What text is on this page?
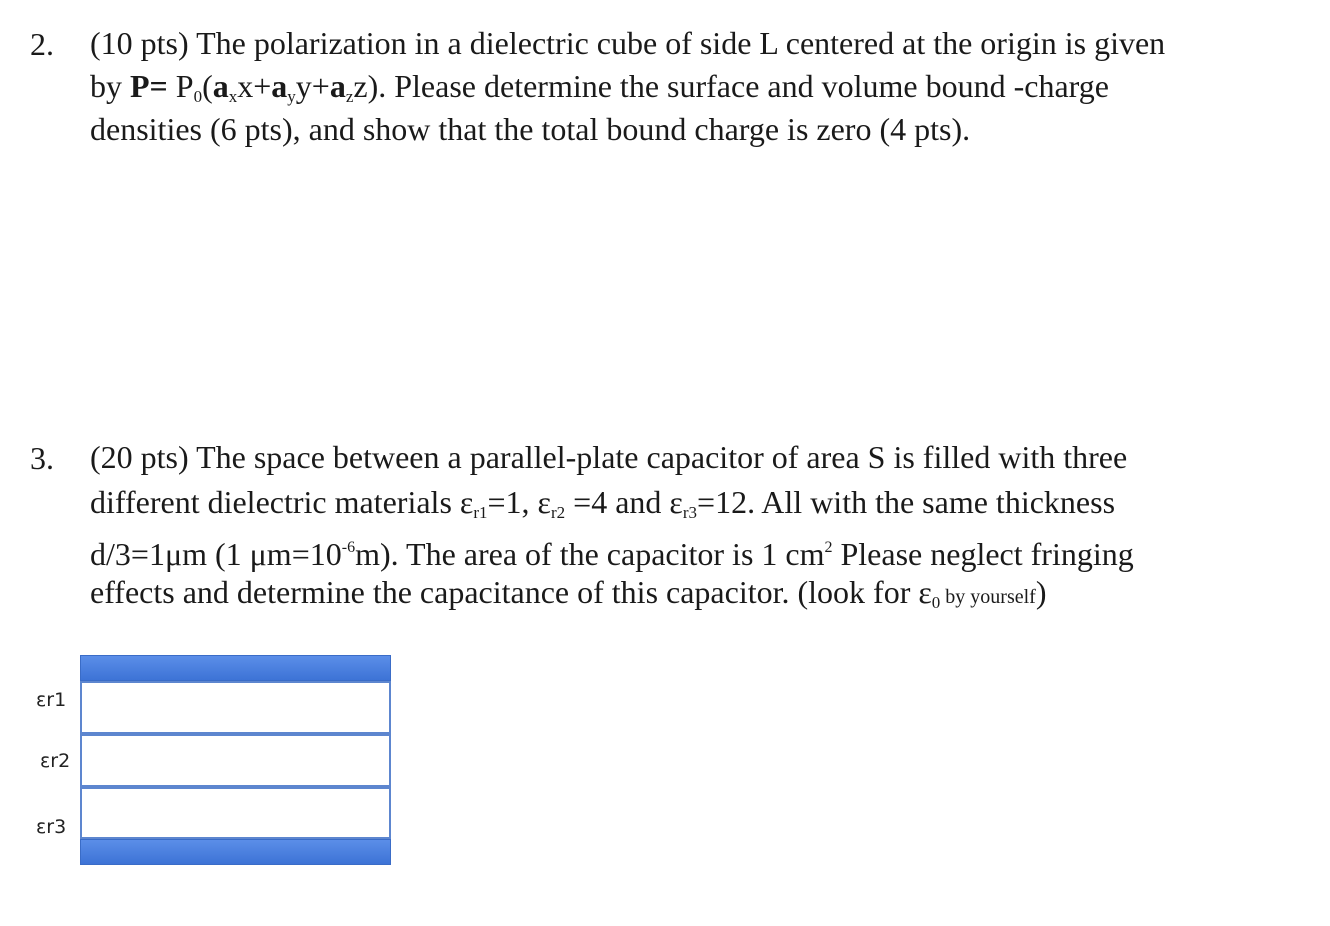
2. (10 pts) The polarization in a dielectric cube of side L centered at the origin is given
by $P= P_0(a_xx+a_yy+a_zz)$. Please determine the surface and volume bound -charge
densities (6 pts), and show that the total bound charge is zero (4 pts).
3. (20 pts) The space between a parallel-plate capacitor of area S is filled with three
different dielectric materials $\varepsilon_{r1}=1$, $\varepsilon_{r2} =4$ and $\varepsilon_{r3}=12$. All with the same thickness
d/3=1μm (1 $\mu m=10^{-6}m$). The area of the capacitor is 1 $cm^2$ Please neglect fringing
effects and determine the capacitance of this capacitor. (look for $\varepsilon_0$ by yourself)
εr1
εr2
εr3
